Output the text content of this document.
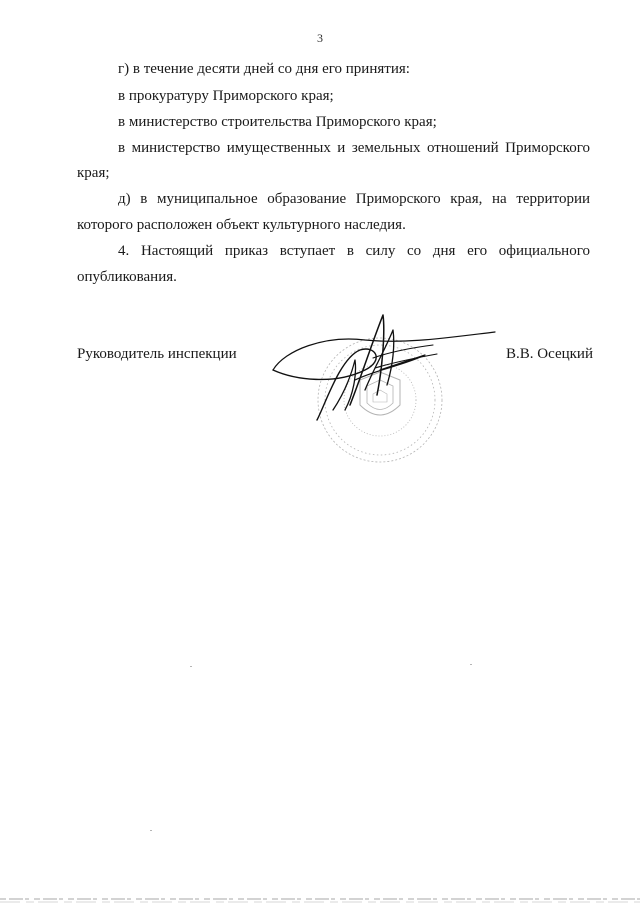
3
г) в течение десяти дней со дня его принятия:
в прокуратуру Приморского края;
в министерство строительства Приморского края;
в министерство имущественных и земельных отношений Приморского
края;
д) в муниципальное образование Приморского края, на территории
которого расположен объект культурного наследия.
4. Настоящий приказ вступает в силу со дня его официального
опубликования.
Руководитель инспекции	В.В. Осецкий
